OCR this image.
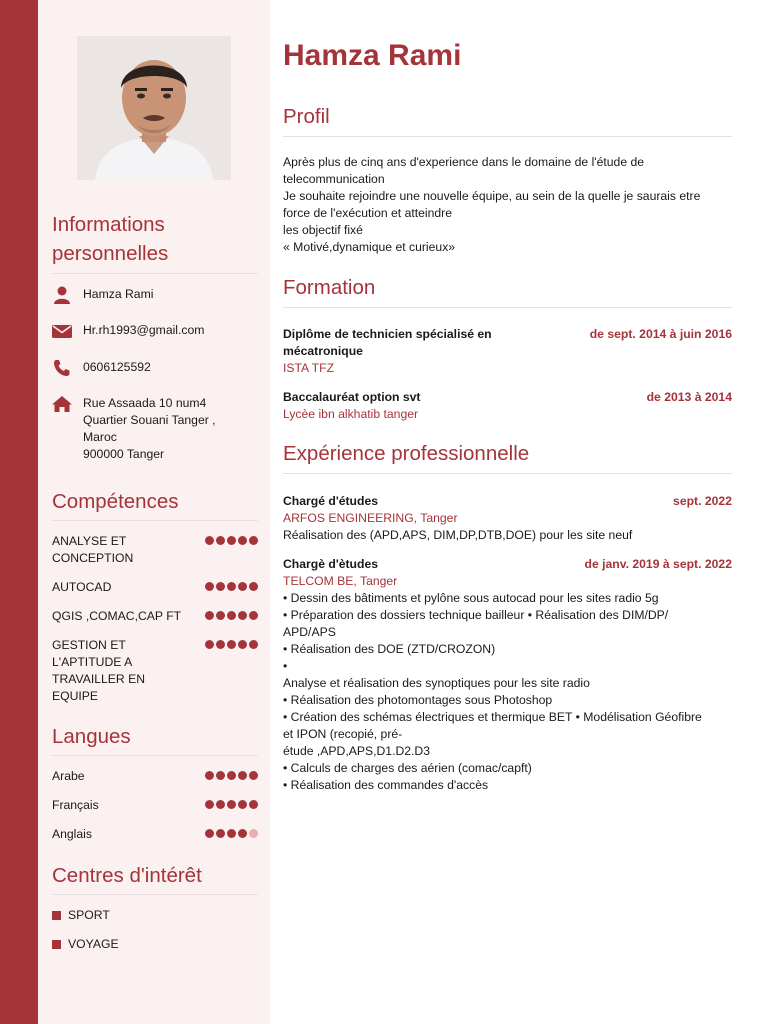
Informations personnelles
Hamza Rami
Hr.rh1993@gmail.com
0606125592
Rue Assaada 10 num4
Quartier Souani Tanger ,
Maroc
900000 Tanger
Compétences
ANALYSE ET CONCEPTION
AUTOCAD
QGIS ,COMAC,CAP FT
GESTION ET L'APTITUDE A TRAVAILLER EN EQUIPE
Langues
Arabe
Français
Anglais
Centres d'intérêt
SPORT
VOYAGE
Hamza Rami
Profil
Après plus de cinq ans d'experience dans le domaine de l'étude de
telecommunication
Je souhaite rejoindre une nouvelle équipe, au sein de la quelle je saurais etre
force de l'exécution et atteindre
les objectif fixé
« Motivé,dynamique et curieux»
Formation
Diplôme de technicien spécialisé en mécatronique
de sept. 2014 à juin 2016
ISTA TFZ
Baccalauréat option svt	de 2013 à 2014
Lycèe ibn alkhatib tanger
Expérience professionnelle
Chargé d'études	sept. 2022
ARFOS ENGINEERING, Tanger
Réalisation des (APD,APS, DIM,DP,DTB,DOE) pour les site neuf
Chargè d'ètudes	de janv. 2019 à sept. 2022
TELCOM BE, Tanger
• Dessin des bâtiments et pylône sous autocad pour les sites radio 5g
• Préparation des dossiers technique bailleur • Réalisation des DIM/DP/
APD/APS
• Réalisation des DOE (ZTD/CROZON)
•
Analyse et réalisation des synoptiques pour les site radio
• Réalisation des photomontages sous Photoshop
• Création des schémas électriques et thermique BET • Modélisation Géofibre
et IPON (recopié, pré-
étude ,APD,APS,D1.D2.D3
• Calculs de charges des aérien (comac/capft)
• Réalisation des commandes d'accès
